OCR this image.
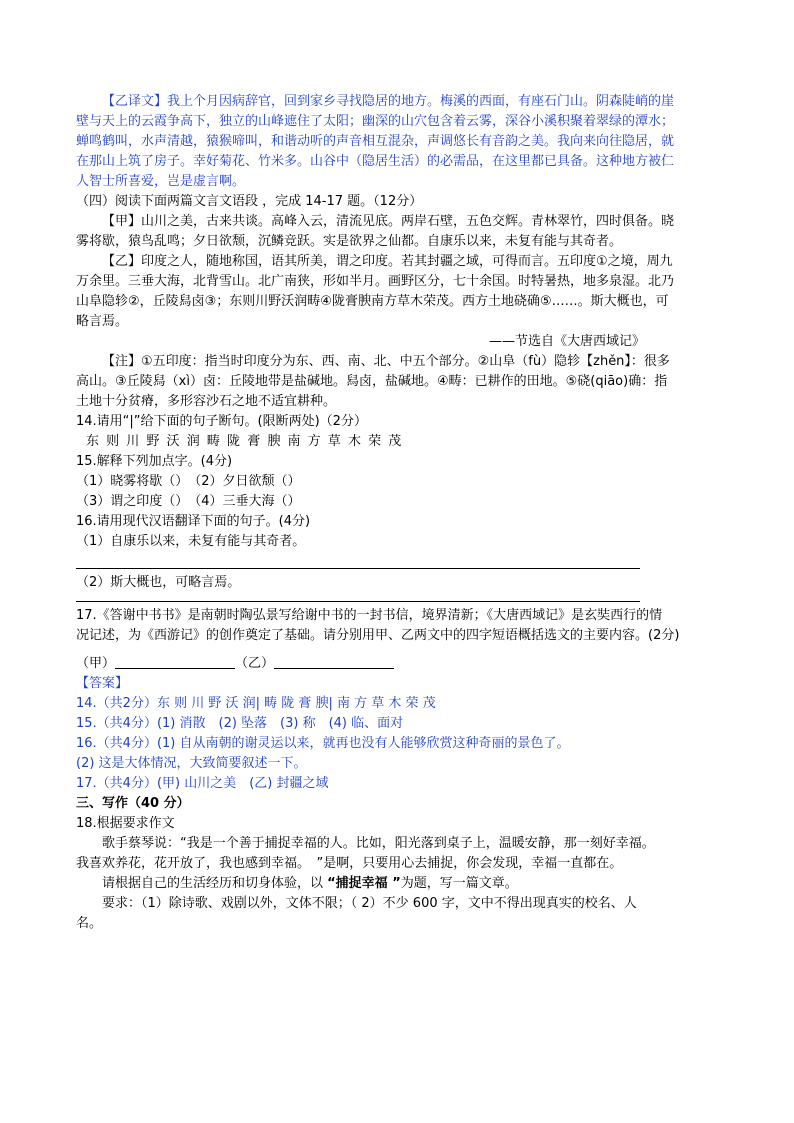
【乙译文】我上个月因病辞官，回到家乡寻找隐居的地方。梅溪的西面，有座石门山。阴森陡峭的崖
壁与天上的云霞争高下，独立的山峰遮住了太阳；幽深的山穴包含着云雾，深谷小溪积聚着翠绿的潭水；
蝉鸣鹤叫，水声清越，猿猴啼叫，和谐动听的声音相互混杂，声调悠长有音韵之美。我向来向往隐居，就
在那山上筑了房子。幸好菊花、竹米多。山谷中（隐居生活）的必需品，在这里都已具备。这种地方被仁
人智士所喜爱，岂是虚言啊。
（四）阅读下面两篇文言文语段 ，完成 14-17 题。（12分）
【甲】山川之美，古来共谈。高峰入云，清流见底。两岸石壁，五色交辉。青林翠竹，四时俱备。晓
雾将歇，猿鸟乱鸣；夕日欲颓，沉鳞竞跃。实是欲界之仙都。自康乐以来，未复有能与其奇者。
【乙】印度之人，随地称国，语其所美，谓之印度。若其封疆之域，可得而言。五印度①之境，周九
万余里。三垂大海，北背雪山。北广南狭，形如半月。画野区分，七十余国。时特暑热，地多泉湿。北乃
山阜隐轸②，丘陵舄卤③；东则川野沃润畴④陇膏腴南方草木荣茂。西方土地硗确⑤……。斯大概也，可
略言焉。
——节选自《大唐西域记》
【注】①五印度：指当时印度分为东、西、南、北、中五个部分。②山阜（fù）隐轸【zhěn】：很多
高山。③丘陵舄（xì）卤：丘陵地带是盐碱地。舄卤，盐碱地。④畴：已耕作的田地。⑤硗(qiāo)确：指
土地十分贫瘠，多形容沙石之地不适宜耕种。
14.请用“|”给下面的句子断句。(限断两处)（2分）
东则川野沃润畴陇膏腴南方草木荣茂
15.解释下列加点字。(4分)
（1）晓雾将歇（）　（2）夕日欲颓（）
（3）谓之印度（）　（4）三垂大海（）
16.请用现代汉语翻译下面的句子。(4分)
（1）自康乐以来，未复有能与其奇者。
（2）斯大概也，可略言焉。
17.《答谢中书书》是南朝时陶弘景写给谢中书的一封书信，境界清新；《大唐西域记》是玄奘西行的情
况记述，为《西游记》的创作奠定了基础。请分别用甲、乙两文中的四字短语概括选文的主要内容。(2分)
（甲）	（乙）
【答案】
14.（共2分）东 则 川 野 沃 润| 畴 陇 膏 腴| 南 方 草 木 荣 茂
15.（共4分）(1) 消散　(2) 坠落　(3) 称　(4) 临、面对
16.（共4分）(1) 自从南朝的谢灵运以来，就再也没有人能够欣赏这种奇丽的景色了。
(2) 这是大体情况，大致简要叙述一下。
17.（共4分）(甲) 山川之美　(乙) 封疆之域
三、写作（40 分）
18.根据要求作文
歌手蔡琴说：“我是一个善于捕捉幸福的人。比如，阳光落到桌子上，温暖安静，那一刻好幸福。
我喜欢养花，花开放了，我也感到幸福。　”是啊，只要用心去捕捉，你会发现，幸福一直都在。
请根据自己的生活经历和切身体验，以 “捕捉幸福 ”为题，写一篇文章。
要求：（1）除诗歌、戏剧以外，文体不限；（ 2）不少 600 字，文中不得出现真实的校名、人
名。
